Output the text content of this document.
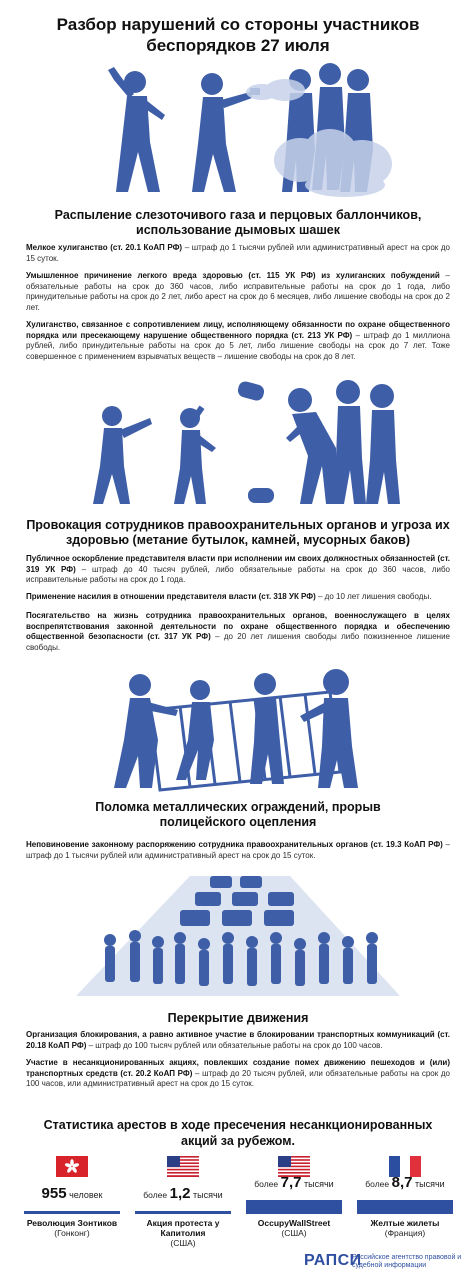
Разбор нарушений со стороны участников
беспорядков 27 июля
Распыление слезоточивого газа и перцовых баллончиков,
использование дымовых шашек

Мелкое хулиганство (ст. 20.1 КоАП РФ) – штраф до 1 тысячи рублей или административный арест на срок до 15 суток.

Умышленное причинение легкого вреда здоровью (ст. 115 УК РФ) из хулиганских побуждений – обязательные работы на срок до 360 часов, либо исправительные работы на срок до 1 года, либо принудительные работы на срок до 2 лет, либо арест на срок до 6 месяцев, либо лишение свободы на срок до 2 лет.

Хулиганство, связанное с сопротивлением лицу, исполняющему обязанности по охране общественного порядка или пресекающему нарушение общественного порядка (ст. 213 УК РФ) – штраф до 1 миллиона рублей, либо принудительные работы на срок до 5 лет, либо лишение свободы на срок до 7 лет. Тоже совершенное с применением взрывчатых веществ – лишение свободы на срок до 8 лет.

Провокация сотрудников правоохранительных органов и угроза их
здоровью (метание бутылок, камней, мусорных баков)

Публичное оскорбление представителя власти при исполнении им своих должностных обязанностей (ст. 319 УК РФ) – штраф до 40 тысяч рублей, либо обязательные работы на срок до 360 часов, либо исправительные работы на срок до 1 года.

Применение насилия в отношении представителя власти (ст. 318 УК РФ) – до 10 лет лишения свободы.

Посягательство на жизнь сотрудника правоохранительных органов, военнослужащего в целях воспрепятствования законной деятельности по охране общественного порядка и обеспечению общественной безопасности (ст. 317 УК РФ) – до 20 лет лишения свободы либо пожизненное лишение свободы.

Поломка металлических ограждений, прорыв
полицейского оцепления

Неповиновение законному распоряжению сотрудника правоохранительных органов (ст. 19.3 КоАП РФ) – штраф до 1 тысячи рублей или административный арест на срок до 15 суток.

Перекрытие движения

Организация блокирования, а равно активное участие в блокировании транспортных коммуникаций (ст. 20.18 КоАП РФ) – штраф до 100 тысяч рублей или обязательные работы на срок до 100 часов.

Участие в несанкционированных акциях, повлекших создание помех движению пешеходов и (или) транспортных средств (ст. 20.2 КоАП РФ) – штраф до 20 тысяч рублей, или обязательные работы на срок до 100 часов, или административный арест на срок до 15 суток.

Статистика арестов в ходе пресечения несанкционированных
акций за рубежом.
955 человек
Революция Зонтиков
(Гонконг)
более 1,2 тысячи
Акция протеста у Капитолия
(США)
более 7,7 тысячи
OccupyWallStreet
(США)
более 8,7 тысячи
Желтые жилеты
(Франция)
РАПСИ
Российское агентство правовой и судебной информации
